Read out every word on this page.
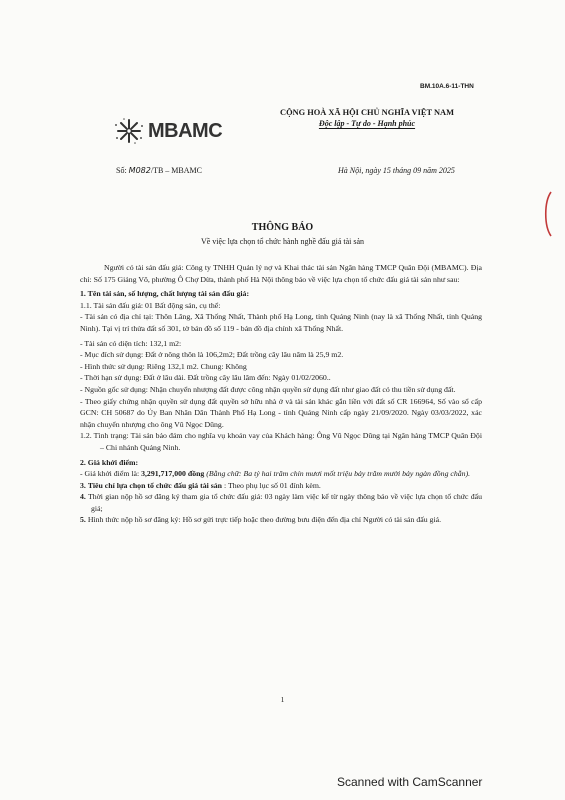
BM.10A.6-11-THN
MBAMC
CỘNG HOÀ XÃ HỘI CHỦ NGHĨA VIỆT NAM
Độc lập - Tự do - Hạnh phúc
Số: M082/TB – MBAMC	Hà Nội, ngày 15 tháng 09 năm 2025
THÔNG BÁO
Về việc lựa chọn tổ chức hành nghề đấu giá tài sản

Người có tài sản đấu giá: Công ty TNHH Quản lý nợ và Khai thác tài sản Ngân hàng TMCP Quân Đội (MBAMC). Địa chỉ: Số 175 Giảng Võ, phường Ô Chợ Dừa, thành phố Hà Nội thông báo về việc lựa chọn tổ chức đấu giá tài sản như sau:

1. Tên tài sản, số lượng, chất lượng tài sản đấu giá:

1.1. Tài sản đấu giá: 01 Bất động sản, cụ thể:

- Tài sản có địa chỉ tại: Thôn Lãng, Xã Thống Nhất, Thành phố Hạ Long, tỉnh Quảng Ninh (nay là xã Thống Nhất, tỉnh Quảng Ninh). Tại vị trí thửa đất số 301, tờ bản đồ số 119 - bản đồ địa chính xã Thống Nhất.

- Tài sản có diện tích: 132,1 m2:

- Mục đích sử dụng: Đất ở nông thôn là 106,2m2; Đất trồng cây lâu năm là 25,9 m2.

- Hình thức sử dụng: Riêng 132,1 m2. Chung: Không

- Thời hạn sử dụng: Đất ở lâu dài. Đất trồng cây lâu lâm đến: Ngày 01/02/2060..

- Nguồn gốc sử dụng: Nhận chuyển nhượng đất được công nhận quyền sử dụng đất như giao đất có thu tiền sử dụng đất.

- Theo giấy chứng nhận quyền sử dụng đất quyền sở hữu nhà ở và tài sản khác gắn liền với đất số CR 166964, Số vào sổ cấp GCN: CH 50687 do Ủy Ban Nhân Dân Thành Phố Hạ Long - tỉnh Quảng Ninh cấp ngày 21/09/2020. Ngày 03/03/2022, xác nhận chuyển nhượng cho ông Vũ Ngọc Dũng.

1.2. Tình trạng: Tài sản bảo đảm cho nghĩa vụ khoản vay của Khách hàng: Ông Vũ Ngọc Dũng tại Ngân hàng TMCP Quân Đội – Chi nhánh Quảng Ninh.

2. Giá khởi điểm:

- Giá khởi điểm là: 3,291,717,000 đồng (Bằng chữ: Ba tỷ hai trăm chín mươi mốt triệu bảy trăm mười bảy ngàn đồng chẵn).

3. Tiêu chí lựa chọn tổ chức đấu giá tài sản : Theo phụ lục số 01 đính kèm.

4. Thời gian nộp hồ sơ đăng ký tham gia tổ chức đấu giá: 03 ngày làm việc kể từ ngày thông báo về việc lựa chọn tổ chức đấu giá;

5. Hình thức nộp hồ sơ đăng ký: Hồ sơ gửi trực tiếp hoặc theo đường bưu điện đến địa chỉ Người có tài sản đấu giá.

1
Scanned with CamScanner
